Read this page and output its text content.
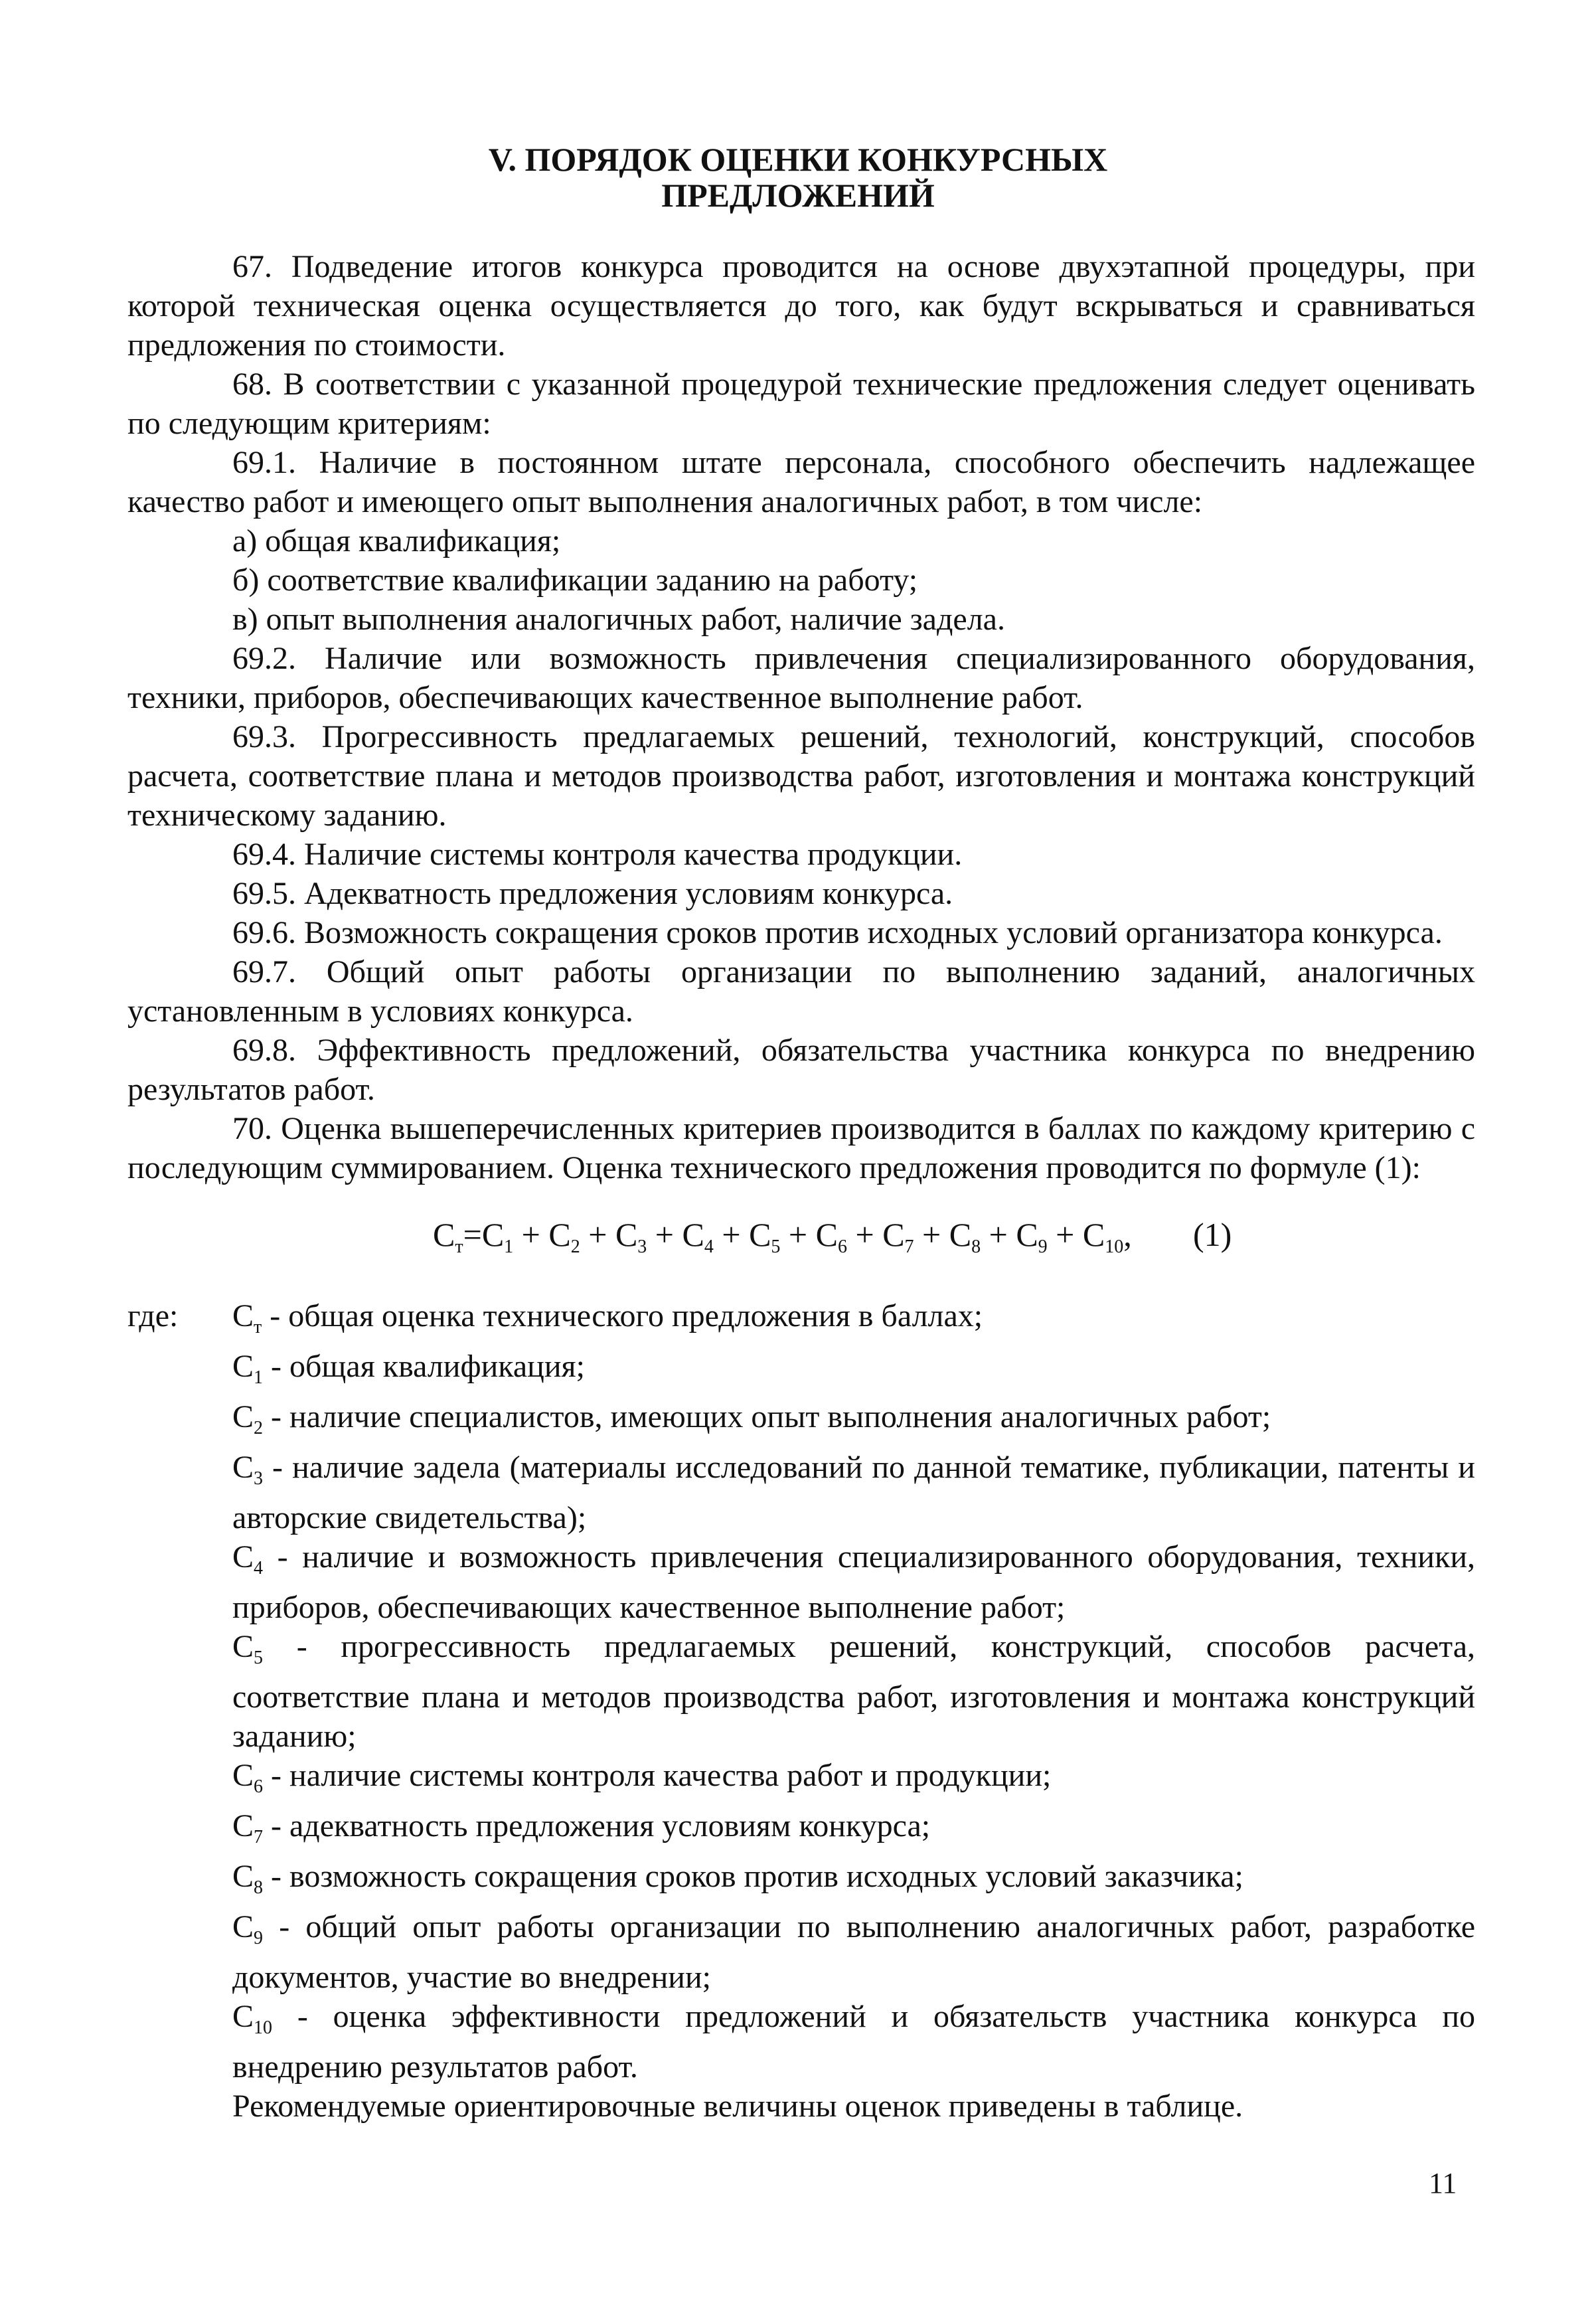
V. ПОРЯДОК ОЦЕНКИ КОНКУРСНЫХ
ПРЕДЛОЖЕНИЙ

67. Подведение итогов конкурса проводится на основе двухэтапной процедуры, при которой техническая оценка осуществляется до того, как будут вскрываться и сравниваться предложения по стоимости.

68. В соответствии с указанной процедурой технические предложения следует оценивать по следующим критериям:

69.1. Наличие в постоянном штате персонала, способного обеспечить надлежащее качество работ и имеющего опыт выполнения аналогичных работ, в том числе:

а) общая квалификация;

б) соответствие квалификации заданию на работу;

в) опыт выполнения аналогичных работ, наличие задела.

69.2. Наличие или возможность привлечения специализированного оборудования, техники, приборов, обеспечивающих качественное выполнение работ.

69.3. Прогрессивность предлагаемых решений, технологий, конструкций, способов расчета, соответствие плана и методов производства работ, изготовления и монтажа конструкций техническому заданию.

69.4. Наличие системы контроля качества продукции.

69.5. Адекватность предложения условиям конкурса.

69.6. Возможность сокращения сроков против исходных условий организатора конкурса.

69.7. Общий опыт работы организации по выполнению заданий, аналогичных установленным в условиях конкурса.

69.8. Эффективность предложений, обязательства участника конкурса по внедрению результатов работ.

70. Оценка вышеперечисленных критериев производится в баллах по каждому критерию с последующим суммированием. Оценка технического предложения проводится по формуле (1):

$C_т=C_1 + C_2 + C_3 + C_4 + C_5 + C_6 + C_7 + C_8 + C_9 + C_{10}$, (1)
где:	$C_т$ - общая оценка технического предложения в баллах;
$C_1$ - общая квалификация;
$C_2$ - наличие специалистов, имеющих опыт выполнения аналогичных работ;
$C_3$ - наличие задела (материалы исследований по данной тематике, публикации, патенты и авторские свидетельства);
$C_4$ - наличие и возможность привлечения специализированного оборудования, техники, приборов, обеспечивающих качественное выполнение работ;
$C_5$ - прогрессивность предлагаемых решений, конструкций, способов расчета, соответствие плана и методов производства работ, изготовления и монтажа конструкций заданию;
$C_6$ - наличие системы контроля качества работ и продукции;
$C_7$ - адекватность предложения условиям конкурса;
$C_8$ - возможность сокращения сроков против исходных условий заказчика;
$C_9$ - общий опыт работы организации по выполнению аналогичных работ, разработке документов, участие во внедрении;
$C_{10}$ - оценка эффективности предложений и обязательств участника конкурса по внедрению результатов работ.

Рекомендуемые ориентировочные величины оценок приведены в таблице.

11
